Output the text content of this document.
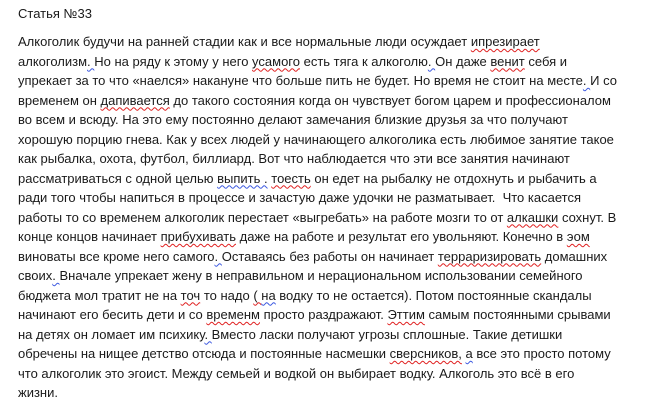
Статья №33
Алкоголик будучи на ранней стадии как и все нормальные люди осуждает ипрезирает
алкоголизм. Но на ряду к этому у него усамого есть тяга к алкоголю. Он даже венит себя и
упрекает за то что «наелся» накануне что больше пить не будет. Но время не стоит на месте. И со
временем он дапивается до такого состояния когда он чувствует богом царем и профессионалом
во всем и всюду. На это ему постоянно делают замечания близкие друзья за что получают
хорошую порцию гнева. Как у всех людей у начинающего алкоголика есть любимое занятие такое
как рыбалка, охота, футбол, биллиард. Вот что наблюдается что эти все занятия начинают
рассматриваться с одной целью выпить . тоесть он едет на рыбалку не отдохнуть и рыбачить а
ради того чтобы напиться в процессе и зачастую даже удочки не разматывает.  Что касается
работы то со временем алкоголик перестает «выгребать» на работе мозги то от алкашки сохнут. В
конце концов начинает прибухивать даже на работе и результат его увольняют. Конечно в эом
виноваты все кроме него самого. Оставаясь без работы он начинает терраризировать домашних
своих. Вначале упрекает жену в неправильном и нерациональном использовании семейного
бюджета мол тратит не на точ то надо ( на водку то не остается). Потом постоянные скандалы
начинают его бесить дети и со временм просто раздражают. Эттим самым постоянными срывами
на детях он ломает им психику. Вместо ласки получают угрозы сплошные. Такие детишки
обречены на нищее детство отсюда и постоянные насмешки сверсников, а все это просто потому
что алкоголик это эгоист. Между семьей и водкой он выбирает водку. Алкоголь это всё в его
жизни.
